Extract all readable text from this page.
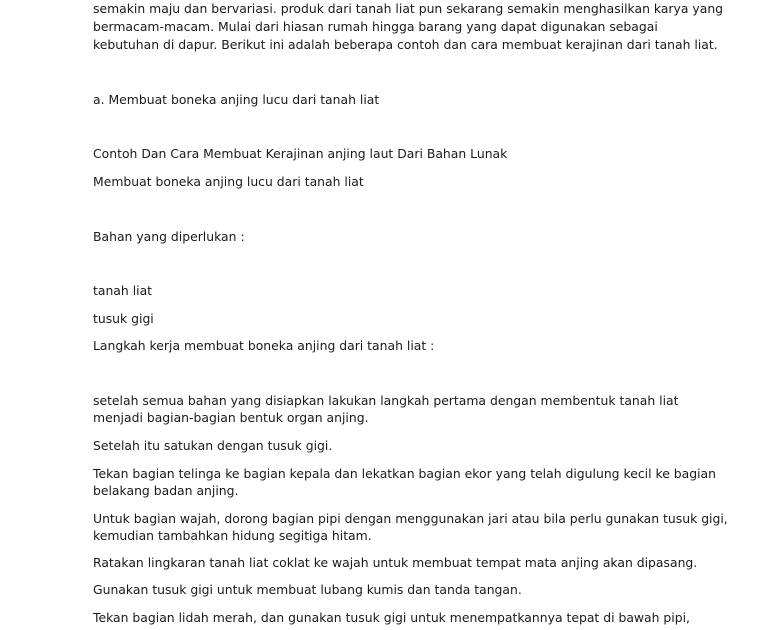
semakin maju dan bervariasi. produk dari tanah liat pun sekarang semakin menghasilkan karya yang
bermacam-macam. Mulai dari hiasan rumah hingga barang yang dapat digunakan sebagai
kebutuhan di dapur. Berikut ini adalah beberapa contoh dan cara membuat kerajinan dari tanah liat.
a. Membuat boneka anjing lucu dari tanah liat
Contoh Dan Cara Membuat Kerajinan anjing laut Dari Bahan Lunak
Membuat boneka anjing lucu dari tanah liat
Bahan yang diperlukan :
tanah liat
tusuk gigi
Langkah kerja membuat boneka anjing dari tanah liat :
setelah semua bahan yang disiapkan lakukan langkah pertama dengan membentuk tanah liat
menjadi bagian-bagian bentuk organ anjing.
Setelah itu satukan dengan tusuk gigi.
Tekan bagian telinga ke bagian kepala dan lekatkan bagian ekor yang telah digulung kecil ke bagian
belakang badan anjing.
Untuk bagian wajah, dorong bagian pipi dengan menggunakan jari atau bila perlu gunakan tusuk gigi,
kemudian tambahkan hidung segitiga hitam.
Ratakan lingkaran tanah liat coklat ke wajah untuk membuat tempat mata anjing akan dipasang.
Gunakan tusuk gigi untuk membuat lubang kumis dan tanda tangan.
Tekan bagian lidah merah, dan gunakan tusuk gigi untuk menempatkannya tepat di bawah pipi,
